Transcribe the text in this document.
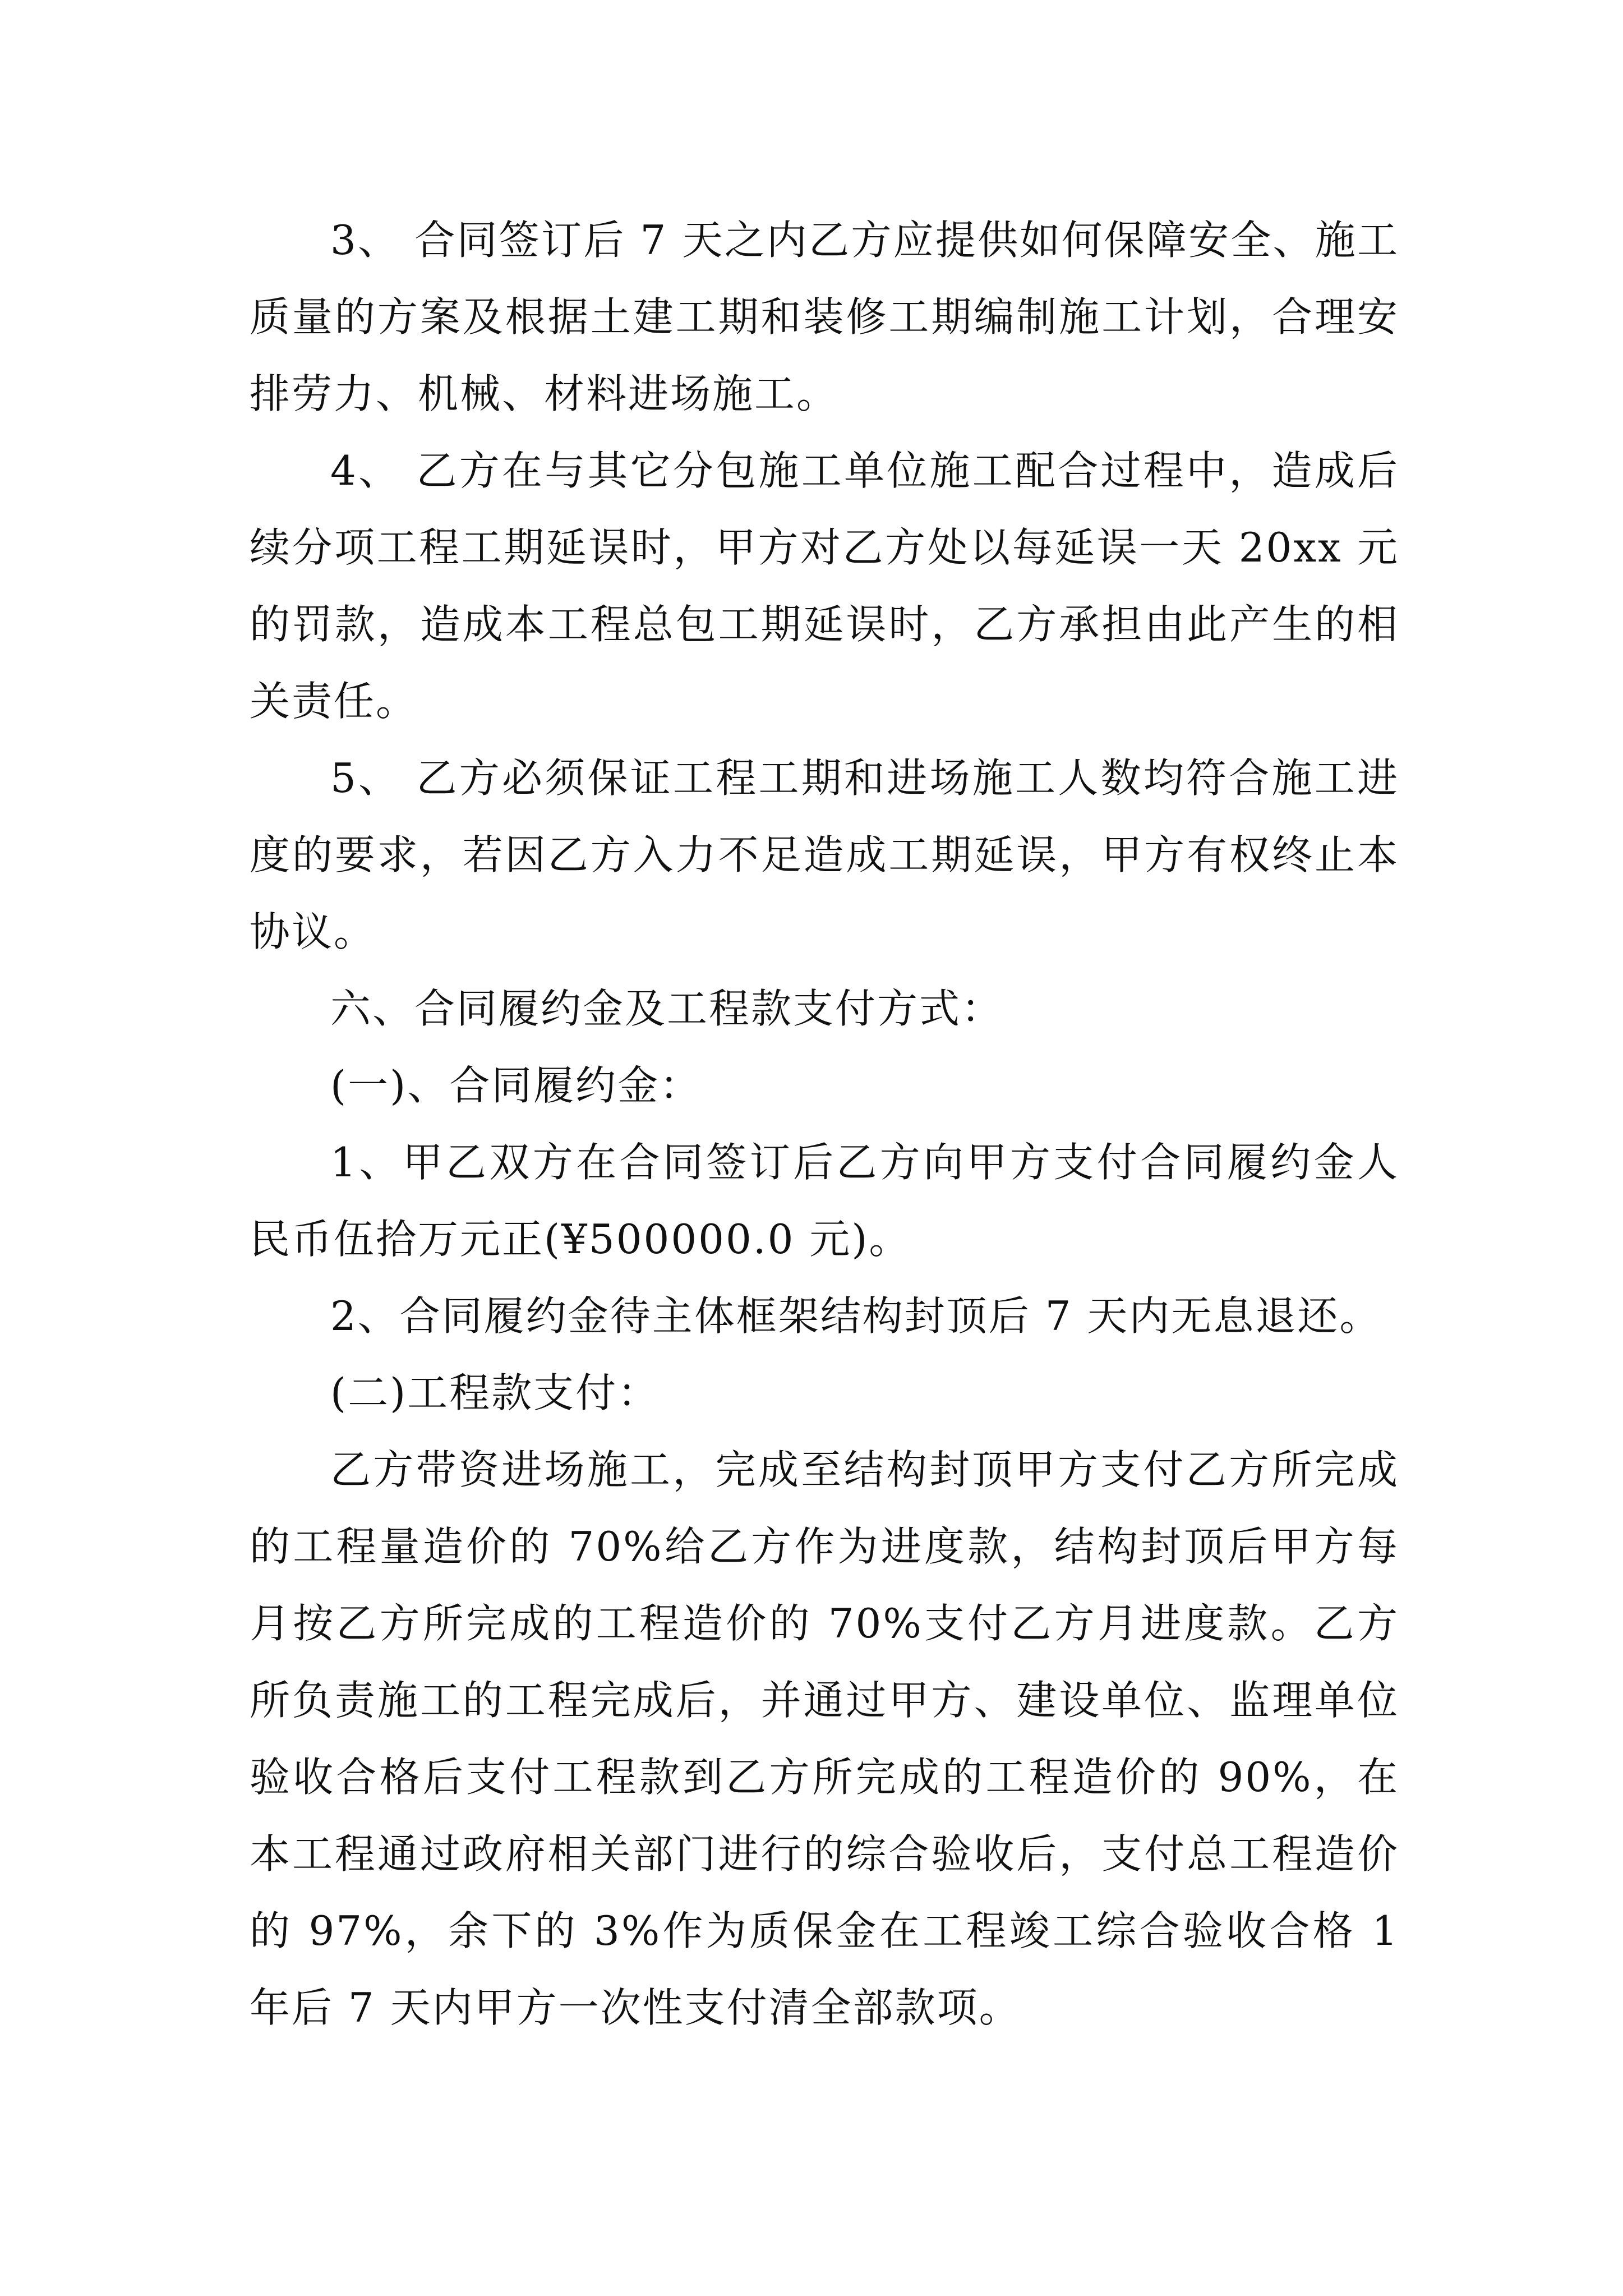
3、 合同签订后 7 天之内乙方应提供如何保障安全、施工质量的方案及根据土建工期和装修工期编制施工计划，合理安排劳力、机械、材料进场施工。

4、 乙方在与其它分包施工单位施工配合过程中，造成后续分项工程工期延误时，甲方对乙方处以每延误一天 20xx 元的罚款，造成本工程总包工期延误时，乙方承担由此产生的相关责任。

5、 乙方必须保证工程工期和进场施工人数均符合施工进度的要求，若因乙方入力不足造成工期延误，甲方有权终止本协议。

六、合同履约金及工程款支付方式：

(一)、合同履约金：

1、甲乙双方在合同签订后乙方向甲方支付合同履约金人民币伍拾万元正(¥500000.0 元)。

2、合同履约金待主体框架结构封顶后 7 天内无息退还。

(二)工程款支付：

乙方带资进场施工，完成至结构封顶甲方支付乙方所完成的工程量造价的 70%给乙方作为进度款，结构封顶后甲方每月按乙方所完成的工程造价的 70%支付乙方月进度款。乙方所负责施工的工程完成后，并通过甲方、建设单位、监理单位验收合格后支付工程款到乙方所完成的工程造价的 90%，在本工程通过政府相关部门进行的综合验收后，支付总工程造价的 97%，余下的 3%作为质保金在工程竣工综合验收合格 1 年后 7 天内甲方一次性支付清全部款项。
